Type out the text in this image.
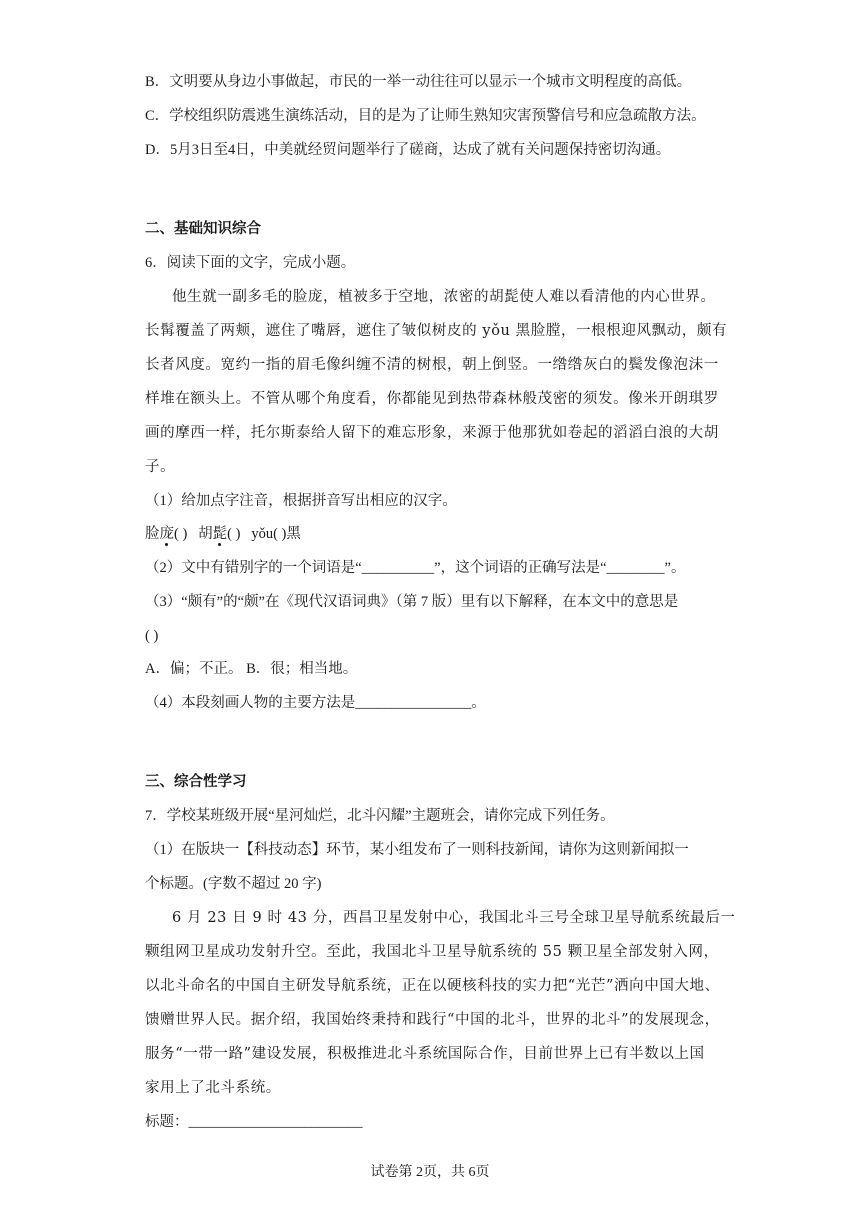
B．文明要从身边小事做起，市民的一举一动往往可以显示一个城市文明程度的高低。
C．学校组织防震逃生演练活动，目的是为了让师生熟知灾害预警信号和应急疏散方法。
D．5月3日至4日，中美就经贸问题举行了磋商，达成了就有关问题保持密切沟通。
二、基础知识综合
6．阅读下面的文字，完成小题。
他生就一副多毛的脸庞，植被多于空地，浓密的胡髭使人难以看清他的内心世界。
长髯覆盖了两颊，遮住了嘴唇，遮住了皱似树皮的 yǒu 黑脸膛，一根根迎风飘动，颇有
长者风度。宽约一指的眉毛像纠缠不清的树根，朝上倒竖。一绺绺灰白的鬓发像泡沫一
样堆在额头上。不管从哪个角度看，你都能见到热带森林般茂密的须发。像米开朗琪罗
画的摩西一样，托尔斯泰给人留下的难忘形象，来源于他那犹如卷起的滔滔白浪的大胡
子。
（1）给加点字注音，根据拼音写出相应的汉字。
脸庞( ) 胡髭( ) yǒu( )黑
（2）文中有错别字的一个词语是“__________”，这个词语的正确写法是“________”。
（3）“颇有”的“颇”在《现代汉语词典》（第 7 版）里有以下解释，在本文中的意思是
( )
A．偏；不正。 B．很；相当地。
（4）本段刻画人物的主要方法是________________。
三、综合性学习
7．学校某班级开展“星河灿烂，北斗闪耀”主题班会，请你完成下列任务。
（1）在版块一【科技动态】环节，某小组发布了一则科技新闻，请你为这则新闻拟一
个标题。(字数不超过 20 字)
6 月 23 日 9 时 43 分，西昌卫星发射中心，我国北斗三号全球卫星导航系统最后一
颗组网卫星成功发射升空。至此，我国北斗卫星导航系统的 55 颗卫星全部发射入网，
以北斗命名的中国自主研发导航系统，正在以硬核科技的实力把“光芒”洒向中国大地、
馈赠世界人民。据介绍，我国始终秉持和践行“中国的北斗，世界的北斗”的发展现念，
服务“一带一路”建设发展，积极推进北斗系统国际合作，目前世界上已有半数以上国
家用上了北斗系统。
标题：________________________
试卷第 2页，共 6页
